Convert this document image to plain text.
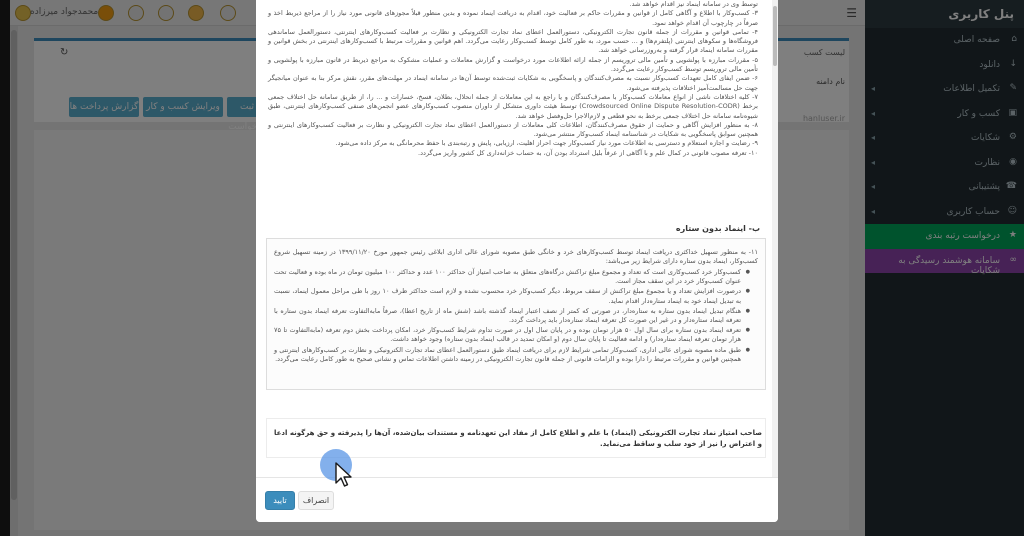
توسط وی در سامانه اینماد نیز اقدام خواهد شد.

۳- کسب‌وکار با اطلاع و آگاهی کامل از قوانین و مقررات حاکم بر فعالیت خود، اقدام به دریافت اینماد نموده و بدین منظور قبلاً مجوزهای قانونی مورد نیاز را از مراجع ذیربط اخذ و صرفاً در چارچوب آن اقدام خواهد نمود.

۴- تمامی قوانین و مقررات از جمله قانون تجارت الکترونیکی، دستورالعمل اعطای نماد تجارت الکترونیکی و نظارت بر فعالیت کسب‌وکارهای اینترنتی، دستورالعمل ساماندهی فروشگاه‌ها و سکوهای اینترنتی (پلتفرم‌ها) و ... حسب مورد، به طور کامل توسط کسب‌وکار رعایت می‌گردد. اهم قوانین و مقررات مرتبط با کسب‌وکارهای اینترنتی در بخش قوانین و مقررات سامانه اینماد قرار گرفته و به‌روزرسانی خواهد شد.

۵- مقررات مبارزه با پولشویی و تأمین مالی تروریسم از جمله ارائه اطلاعات مورد درخواست و گزارش معاملات و عملیات مشکوک به مراجع ذیربط در قانون مبارزه با پولشویی و تأمین مالی تروریسم توسط کسب‌وکار رعایت می‌گردد.

۶- ضمن ایفای کامل تعهدات کسب‌وکار نسبت به مصرف‌کنندگان و پاسخگویی به شکایات ثبت‌شده توسط آن‌ها در سامانه اینماد در مهلت‌های مقرر، نقش مرکز بنا به عنوان میانجیگر جهت حل مسالمت‌آمیز اختلافات پذیرفته می‌شود.

۷- کلیه اختلافات ناشی از انواع معاملات کسب‌وکار با مصرف‌کنندگان و یا راجع به این معاملات از جمله انحلال، بطلان، فسخ، خسارات و ... را، از طریق سامانه حل اختلاف جمعی برخط (Crowdsourced Online Dispute Resolution-CODR) توسط هیئت داوری متشکل از داوران منصوب کسب‌وکارهای عضو انجمن‌های صنفی کسب‌وکارهای اینترنتی، طبق شیوه‌نامه سامانه حل اختلاف جمعی برخط به نحو قطعی و لازم‌الاجرا حل‌وفصل خواهد شد.

۸- به منظور افزایش آگاهی و حمایت از حقوق مصرف‌کنندگان، اطلاعات کلی معاملات از دستورالعمل اعطای نماد تجارت الکترونیکی و نظارت بر فعالیت کسب‌وکارهای اینترنتی و همچنین سوابق پاسخگویی به شکایات در شناسنامه اینماد کسب‌وکار منتشر می‌شود.

۹- رضایت و اجازه استعلام و دسترسی به اطلاعات مورد نیاز کسب‌وکار جهت احراز اهلیت، ارزیابی، پایش و رتبه‌بندی با حفظ محرمانگی به مرکز داده می‌شود.

۱۰- تعرفه مصوب قانونی در کمال علم و با آگاهی از عرفاً بلیل استرداد بودن آن، به حساب خزانه‌داری کل کشور واریز می‌گردد.

ب- اینماد بدون ستاره

۱۱- به منظور تسهیل خداکثری دریافت اینماد توسط کسب‌وکارهای خرد و خانگی طبق مصوبه شورای عالی اداری ابلاغی رئیس جمهور مورخ ۱۳۹۹/۱۱/۲۰ در زمینه تسهیل شروع کسب‌وکار، اینماد بدون ستاره دارای شرایط زیر می‌باشد:

● کسب‌وکار خرد کسب‌وکاری است که تعداد و مجموع مبلغ تراکنش درگاه‌های متعلق به صاحب امتیاز آن حداکثر ۱۰۰ عدد و حداکثر ۱۰۰ میلیون تومان در ماه بوده و فعالیت تحت عنوان کسب‌وکار خرد در این سقف مجاز است.
● درصورت افزایش تعداد و یا مجموع مبلغ تراکنش از سقف مربوط، دیگر کسب‌وکار خرد محسوب نشده و لازم است حداکثر ظرف ۱۰ روز با طی مراحل معمول اینماد، نسبت به تبدیل اینماد خود به اینماد ستاره‌دار اقدام نماید.
● هنگام تبدیل اینماد بدون ستاره به ستاره‌دار، در صورتی که کمتر از نصف اعتبار اینماد گذشته باشد (شش ماه از تاریخ اعطا)، صرفاً مابه‌التفاوت تعرفه اینماد بدون ستاره با تعرفه اینماد ستاره‌دار و در غیر این صورت کل تعرفه اینماد ستاره‌دار باید پرداخت گردد.
● تعرفه اینماد بدون ستاره برای سال اول ۵۰ هزار تومان بوده و در پایان سال اول در صورت تداوم شرایط کسب‌وکار خرد، امکان پرداخت بخش دوم تعرفه (مابه‌التفاوت تا ۷۵ هزار تومان تعرفه اینماد ستاره‌دار) و ادامه فعالیت تا پایان سال دوم (و امکان تمدید در قالب اینماد بدون ستاره) وجود خواهد داشت.
● طبق ماده مصوبه شورای عالی اداری، کسب‌وکار تمامی شرایط لازم برای دریافت اینماد طبق دستورالعمل اعطای نماد تجارت الکترونیکی و نظارت بر کسب‌وکارهای اینترنتی و همچنین قوانین و مقررات مرتبط را دارا بوده و الزامات قانونی از جمله قانون تجارت الکترونیکی در زمینه داشتن اطلاعات تماس و نشانی صحیح به طور کامل رعایت می‌گردد.

صاحب امتیاز نماد تجارت الکترونیکی (اینماد) با علم و اطلاع کامل از مفاد این تعهدنامه و مستندات بیان‌شده، آن‌ها را پذیرفته و حق هرگونه ادعا و اعتراض را نیز از خود سلب و ساقط می‌نماید.

تایید	انصراف
